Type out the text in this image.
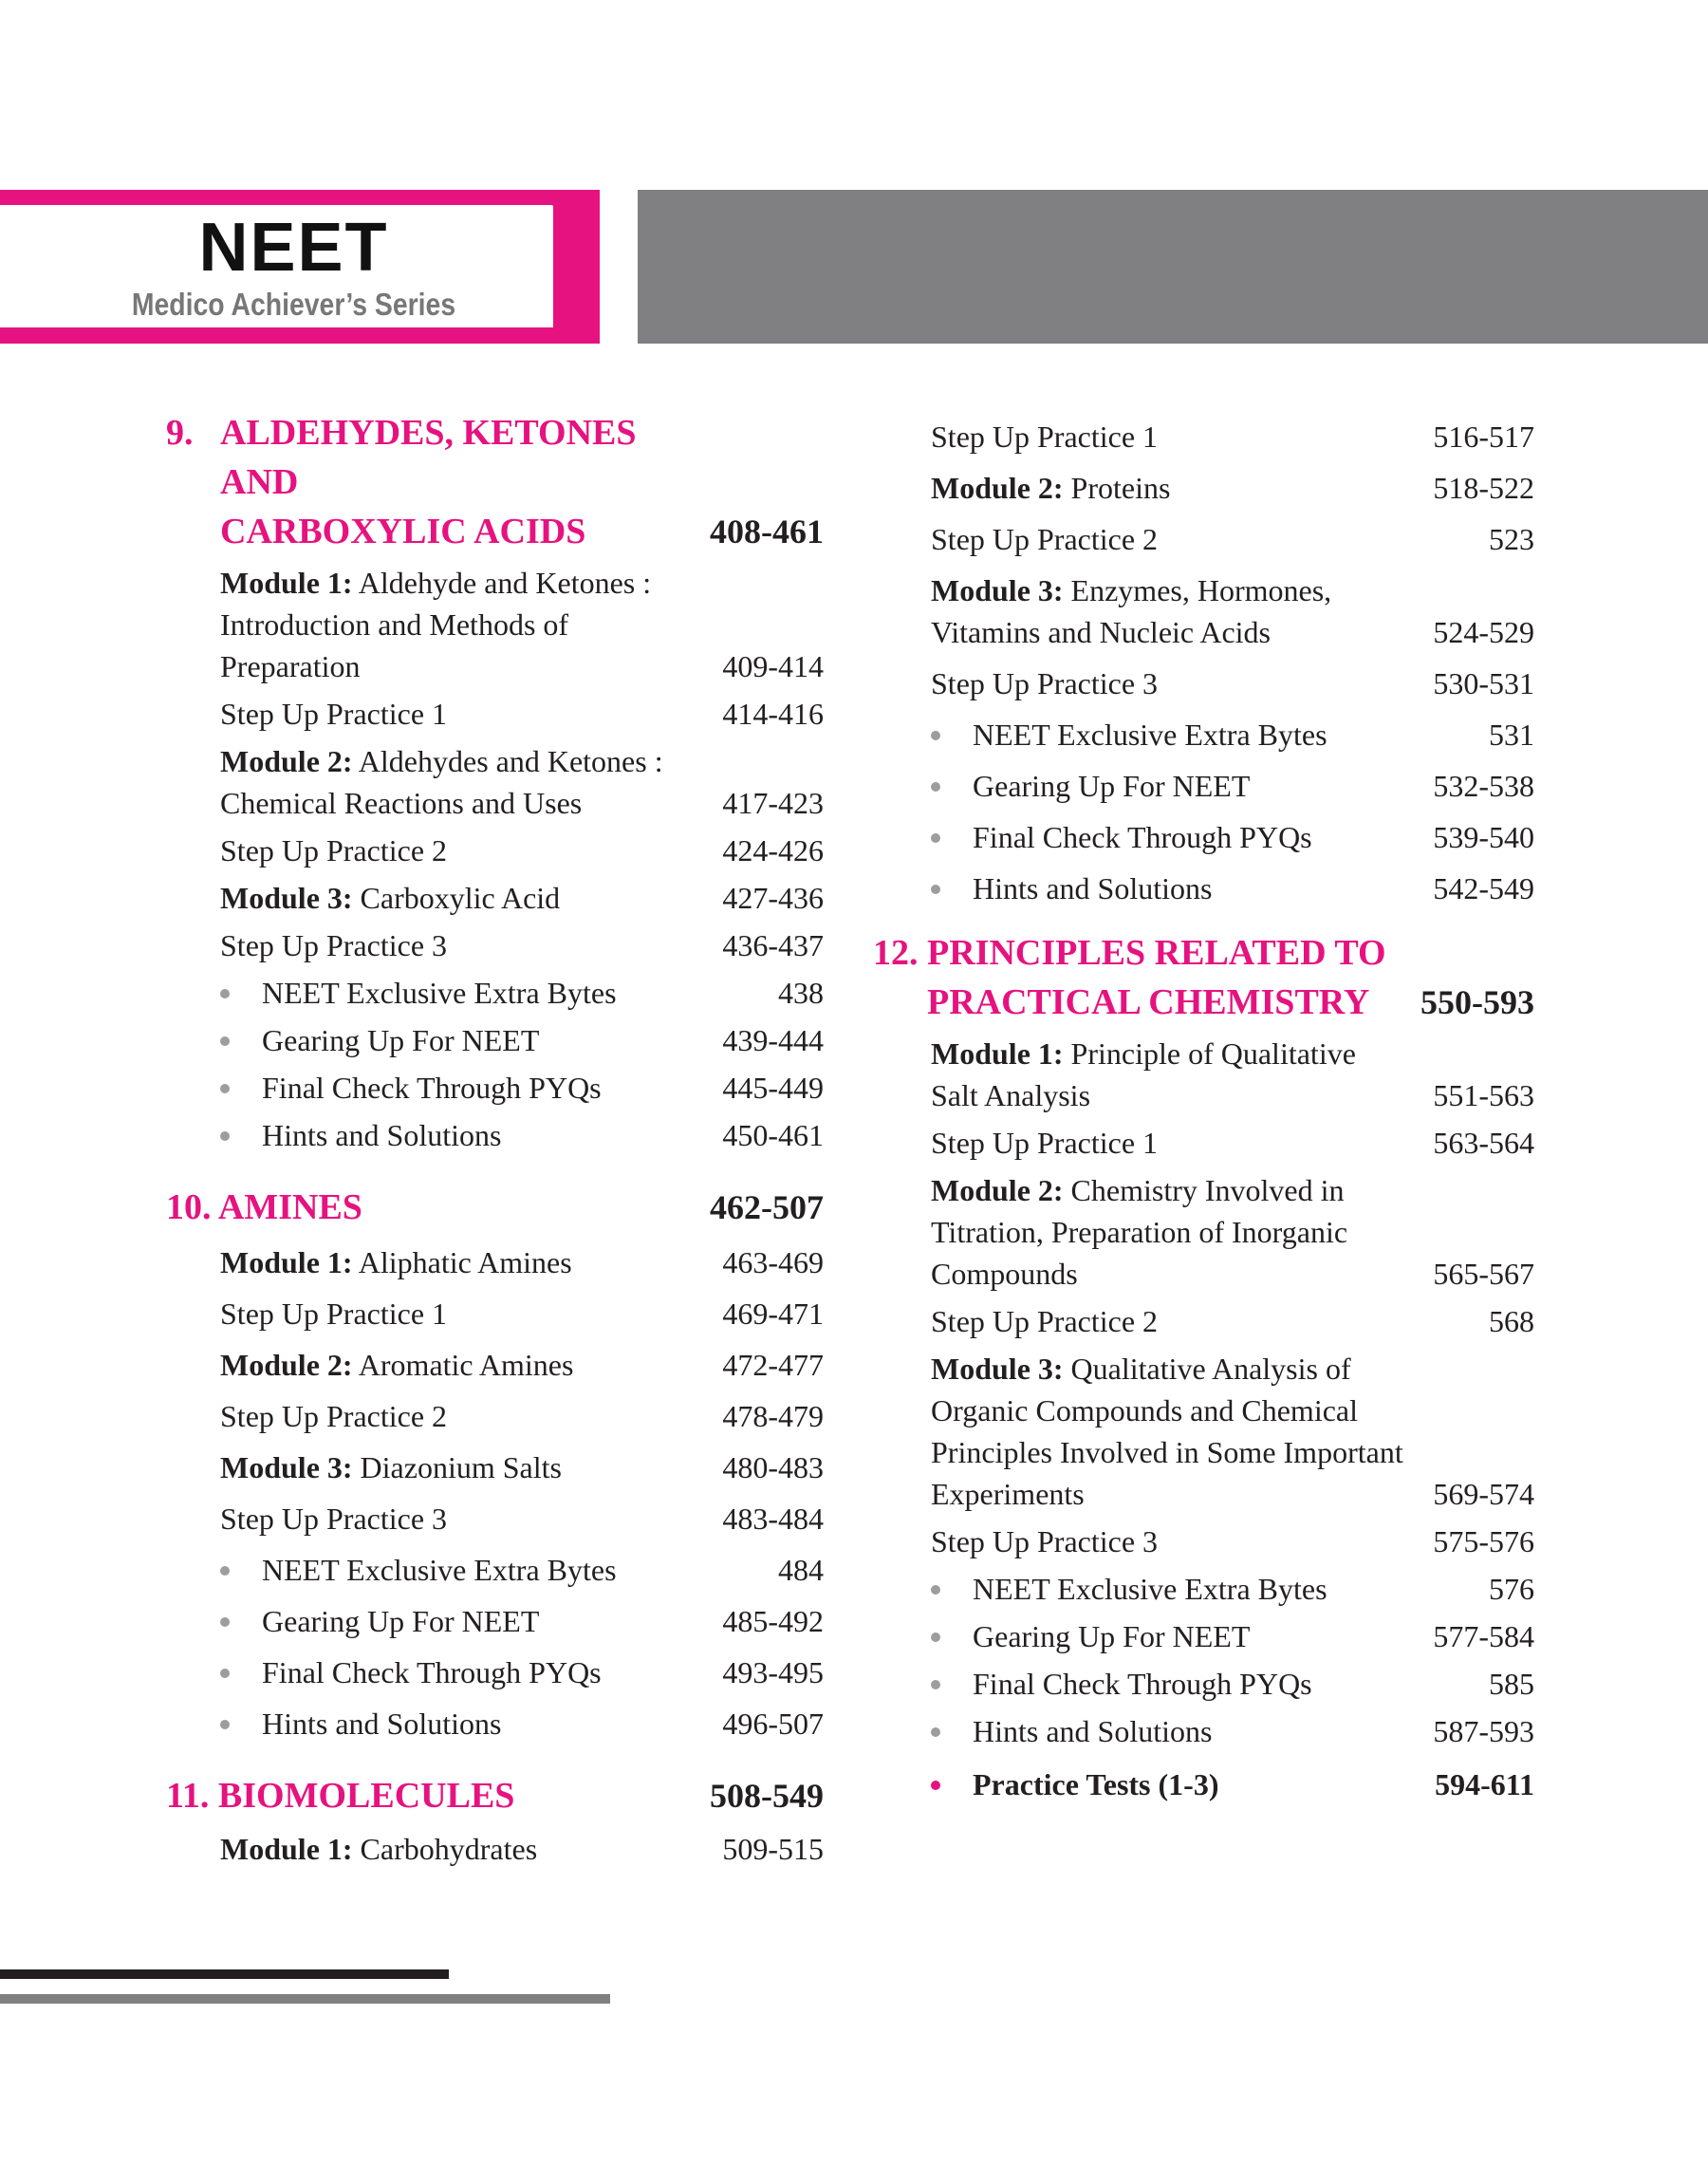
NEET
Medico Achiever’s Series
9. ALDEHYDES, KETONES AND
CARBOXYLIC ACIDS	408-461
Module 1: Aldehyde and Ketones : Introduction and Methods of Preparation	409-414
Step Up Practice 1	414-416
Module 2: Aldehydes and Ketones : Chemical Reactions and Uses	417-423
Step Up Practice 2	424-426
Module 3: Carboxylic Acid	427-436
Step Up Practice 3	436-437
NEET Exclusive Extra Bytes	438
Gearing Up For NEET	439-444
Final Check Through PYQs	445-449
Hints and Solutions	450-461
10. AMINES	462-507
Module 1: Aliphatic Amines	463-469
Step Up Practice 1	469-471
Module 2: Aromatic Amines	472-477
Step Up Practice 2	478-479
Module 3: Diazonium Salts	480-483
Step Up Practice 3	483-484
NEET Exclusive Extra Bytes	484
Gearing Up For NEET	485-492
Final Check Through PYQs	493-495
Hints and Solutions	496-507
11. BIOMOLECULES	508-549
Module 1: Carbohydrates	509-515
Step Up Practice 1	516-517
Module 2: Proteins	518-522
Step Up Practice 2	523
Module 3: Enzymes, Hormones, Vitamins and Nucleic Acids	524-529
Step Up Practice 3	530-531
NEET Exclusive Extra Bytes	531
Gearing Up For NEET	532-538
Final Check Through PYQs	539-540
Hints and Solutions	542-549
12. PRINCIPLES RELATED TO
PRACTICAL CHEMISTRY	550-593
Module 1: Principle of Qualitative Salt Analysis	551-563
Step Up Practice 1	563-564
Module 2: Chemistry Involved in Titration, Preparation of Inorganic Compounds	565-567
Step Up Practice 2	568
Module 3: Qualitative Analysis of Organic Compounds and Chemical Principles Involved in Some Important Experiments	569-574
Step Up Practice 3	575-576
NEET Exclusive Extra Bytes	576
Gearing Up For NEET	577-584
Final Check Through PYQs	585
Hints and Solutions	587-593
Practice Tests (1-3)	594-611
